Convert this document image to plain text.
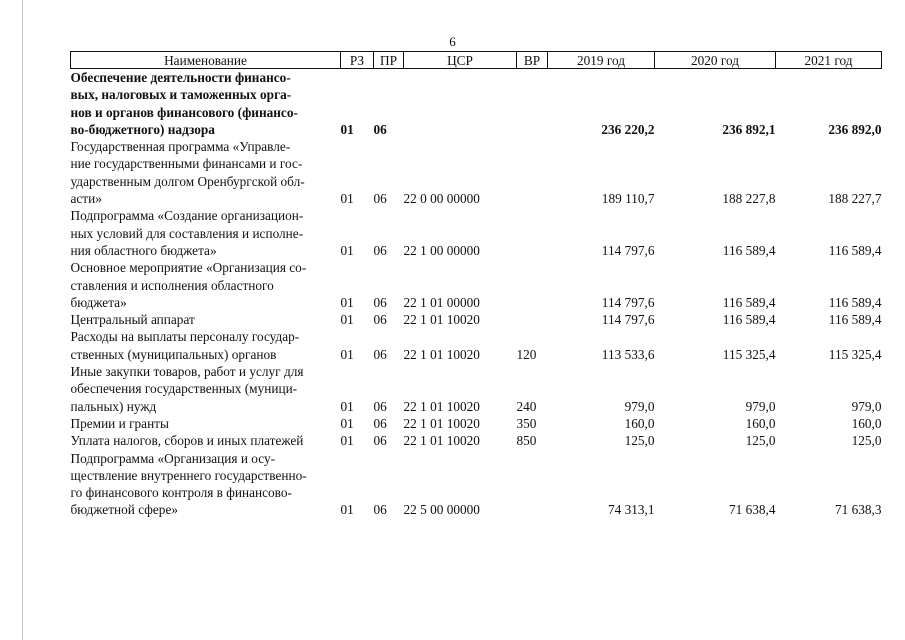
6
Наименование	РЗ	ПР	ЦСР	ВР	2019 год	2020 год	2021 год

Обеспечение деятельности финансо-
вых, налоговых и таможенных орга-
нов и органов финансового (финансо-
во-бюджетного) надзора	01	06			236 220,2	236 892,1	236 892,0

Государственная программа «Управле-
ние государственными финансами и гос-
ударственным долгом Оренбургской обл-
асти»	01	06	22 0 00 00000		189 110,7	188 227,8	188 227,7

Подпрограмма «Создание организацион-
ных условий для составления и исполне-
ния областного бюджета»	01	06	22 1 00 00000		114 797,6	116 589,4	116 589,4

Основное мероприятие «Организация со-
ставления и исполнения областного
бюджета»	01	06	22 1 01 00000		114 797,6	116 589,4	116 589,4

Центральный аппарат	01	06	22 1 01 10020		114 797,6	116 589,4	116 589,4

Расходы на выплаты персоналу государ-
ственных (муниципальных) органов	01	06	22 1 01 10020	120	113 533,6	115 325,4	115 325,4

Иные закупки товаров, работ и услуг для
обеспечения государственных (муници-
пальных) нужд	01	06	22 1 01 10020	240	979,0	979,0	979,0

Премии и гранты	01	06	22 1 01 10020	350	160,0	160,0	160,0

Уплата налогов, сборов и иных платежей	01	06	22 1 01 10020	850	125,0	125,0	125,0

Подпрограмма «Организация и осу-
ществление внутреннего государственно-
го финансового контроля в финансово-
бюджетной сфере»	01	06	22 5 00 00000		74 313,1	71 638,4	71 638,3
